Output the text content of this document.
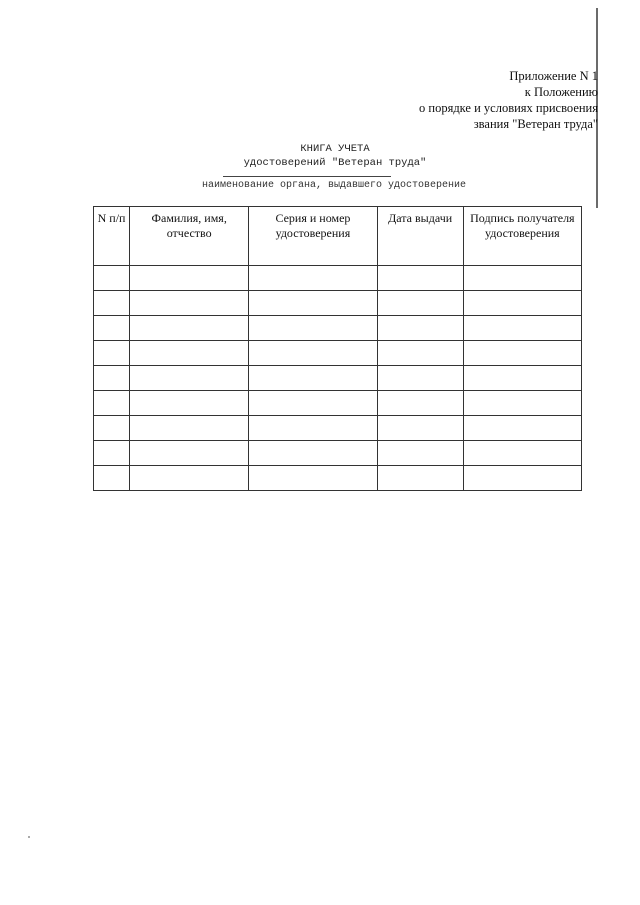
Приложение N 1
к Положению
о порядке и условиях присвоения
звания "Ветеран труда"
КНИГА УЧЕТА
удостоверений "Ветеран труда"
наименование органа, выдавшего удостоверение
N п/п	Фамилия, имя, отчество	Серия и номер удостоверения	Дата выдачи	Подпись получателя удостоверения
